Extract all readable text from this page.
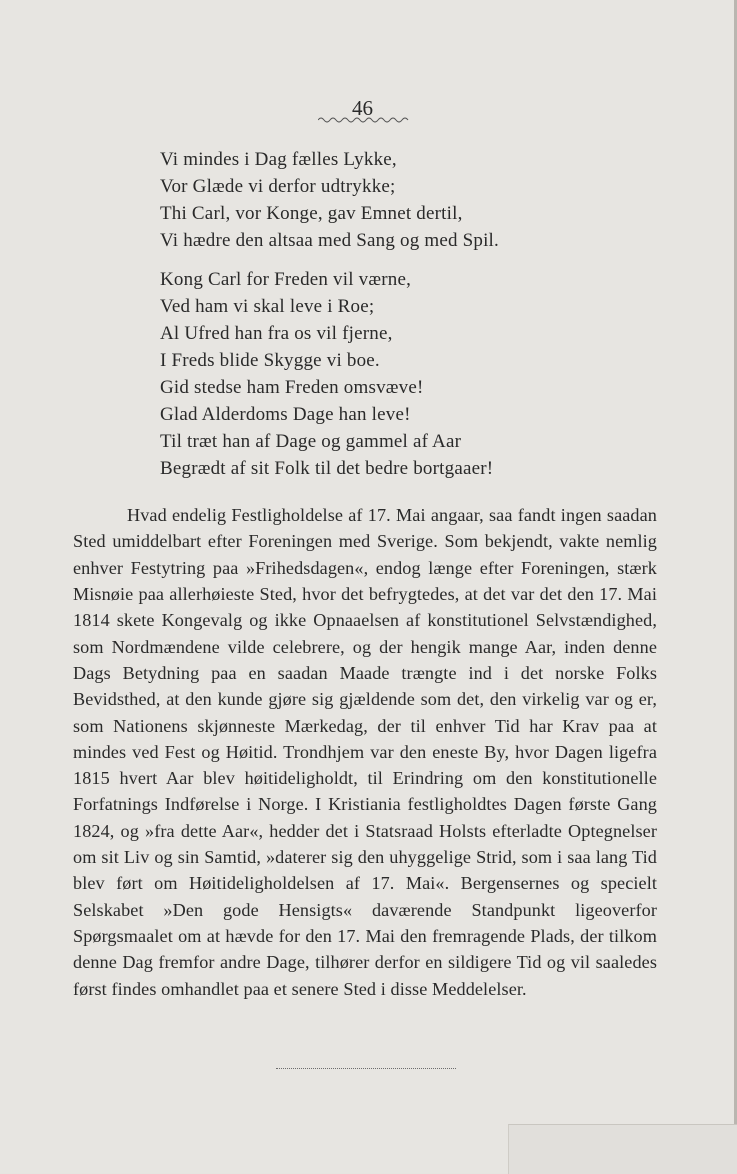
46
Vi mindes i Dag fælles Lykke,
Vor Glæde vi derfor udtrykke;
Thi Carl, vor Konge, gav Emnet dertil,
Vi hædre den altsaa med Sang og med Spil.
Kong Carl for Freden vil værne,
Ved ham vi skal leve i Roe;
Al Ufred han fra os vil fjerne,
I Freds blide Skygge vi boe.
Gid stedse ham Freden omsvæve!
Glad Alderdoms Dage han leve!
Til træt han af Dage og gammel af Aar
Begrædt af sit Folk til det bedre bortgaaer!

Hvad endelig Festligholdelse af 17. Mai angaar, saa fandt ingen saadan Sted umiddelbart efter Foreningen med Sverige. Som bekjendt, vakte nemlig enhver Festytring paa »Frihedsdagen«, endog længe efter Foreningen, stærk Misnøie paa allerhøieste Sted, hvor det befrygtedes, at det var det den 17. Mai 1814 skete Kongevalg og ikke Opnaaelsen af konstitutionel Selvstændighed, som Nordmændene vilde celebrere, og der hengik mange Aar, inden denne Dags Betydning paa en saadan Maade trængte ind i det norske Folks Bevidsthed, at den kunde gjøre sig gjældende som det, den virkelig var og er, som Nationens skjønneste Mærkedag, der til enhver Tid har Krav paa at mindes ved Fest og Høitid. Trondhjem var den eneste By, hvor Dagen ligefra 1815 hvert Aar blev høitideligholdt, til Erindring om den konstitutionelle Forfatnings Indførelse i Norge. I Kristiania festligholdtes Dagen første Gang 1824, og »fra dette Aar«, hedder det i Statsraad Holsts efterladte Optegnelser om sit Liv og sin Samtid, »daterer sig den uhyggelige Strid, som i saa lang Tid blev ført om Høitideligholdelsen af 17. Mai«. Bergensernes og specielt Selskabet »Den gode Hensigts« daværende Standpunkt ligeoverfor Spørgsmaalet om at hævde for den 17. Mai den fremragende Plads, der tilkom denne Dag fremfor andre Dage, tilhører derfor en sildigere Tid og vil saaledes først findes omhandlet paa et senere Sted i disse Meddelelser.
